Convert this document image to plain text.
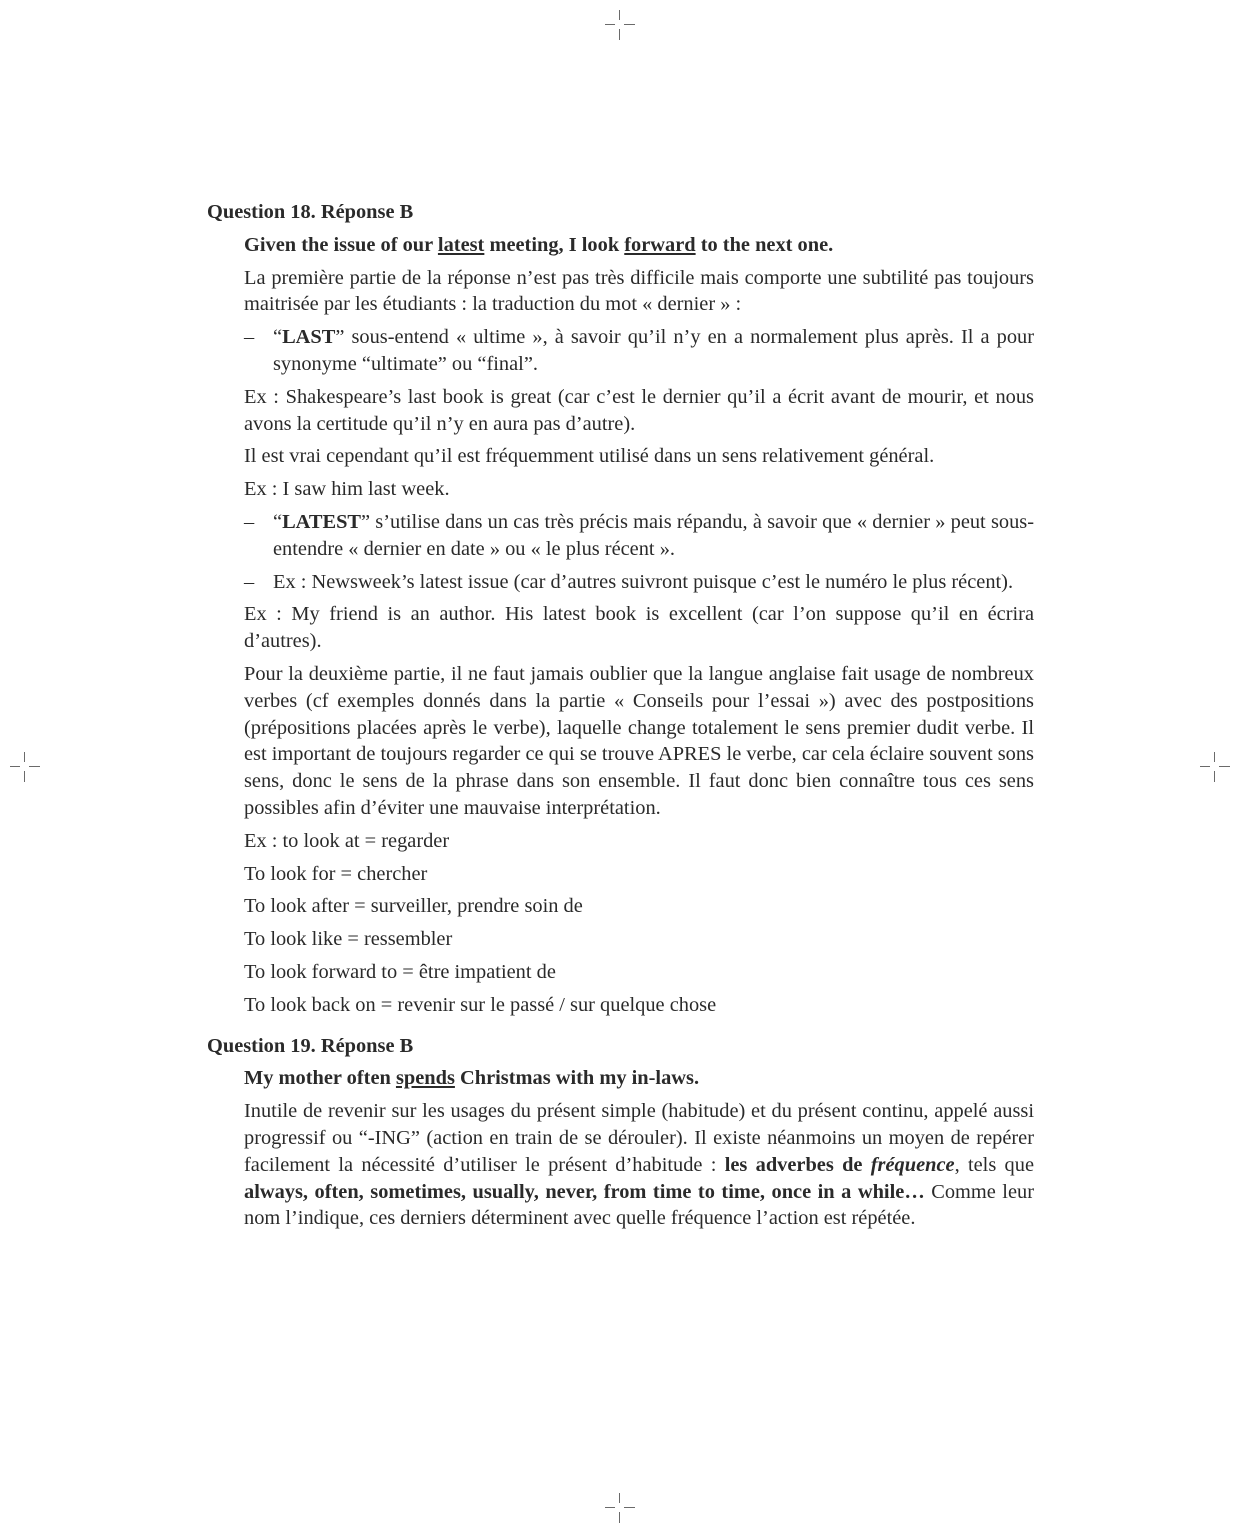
Question 18. Réponse B

Given the issue of our latest meeting, I look forward to the next one.

La première partie de la réponse n’est pas très difficile mais comporte une subtilité pas toujours maitrisée par les étudiants : la traduction du mot « dernier » :

– “LAST” sous-entend « ultime », à savoir qu’il n’y en a normalement plus après. Il a pour synonyme “ultimate” ou “final”.

Ex : Shakespeare’s last book is great (car c’est le dernier qu’il a écrit avant de mourir, et nous avons la certitude qu’il n’y en aura pas d’autre).

Il est vrai cependant qu’il est fréquemment utilisé dans un sens relativement général.

Ex : I saw him last week.

– “LATEST” s’utilise dans un cas très précis mais répandu, à savoir que « dernier » peut sous-entendre « dernier en date » ou « le plus récent ».
– Ex : Newsweek’s latest issue (car d’autres suivront puisque c’est le numéro le plus récent).

Ex : My friend is an author. His latest book is excellent (car l’on suppose qu’il en écrira d’autres).

Pour la deuxième partie, il ne faut jamais oublier que la langue anglaise fait usage de nombreux verbes (cf exemples donnés dans la partie « Conseils pour l’essai ») avec des postpositions (prépositions placées après le verbe), laquelle change totalement le sens premier dudit verbe. Il est important de toujours regarder ce qui se trouve APRES le verbe, car cela éclaire souvent sons sens, donc le sens de la phrase dans son ensemble. Il faut donc bien connaître tous ces sens possibles afin d’éviter une mauvaise interprétation.

Ex : to look at = regarder

To look for = chercher

To look after = surveiller, prendre soin de

To look like = ressembler

To look forward to = être impatient de

To look back on = revenir sur le passé / sur quelque chose

Question 19. Réponse B

My mother often spends Christmas with my in-laws.

Inutile de revenir sur les usages du présent simple (habitude) et du présent continu, appelé aussi progressif ou “-ING” (action en train de se dérouler). Il existe néanmoins un moyen de repérer facilement la nécessité d’utiliser le présent d’habitude : les adverbes de fréquence, tels que always, often, sometimes, usually, never, from time to time, once in a while… Comme leur nom l’indique, ces derniers déterminent avec quelle fréquence l’action est répétée.
